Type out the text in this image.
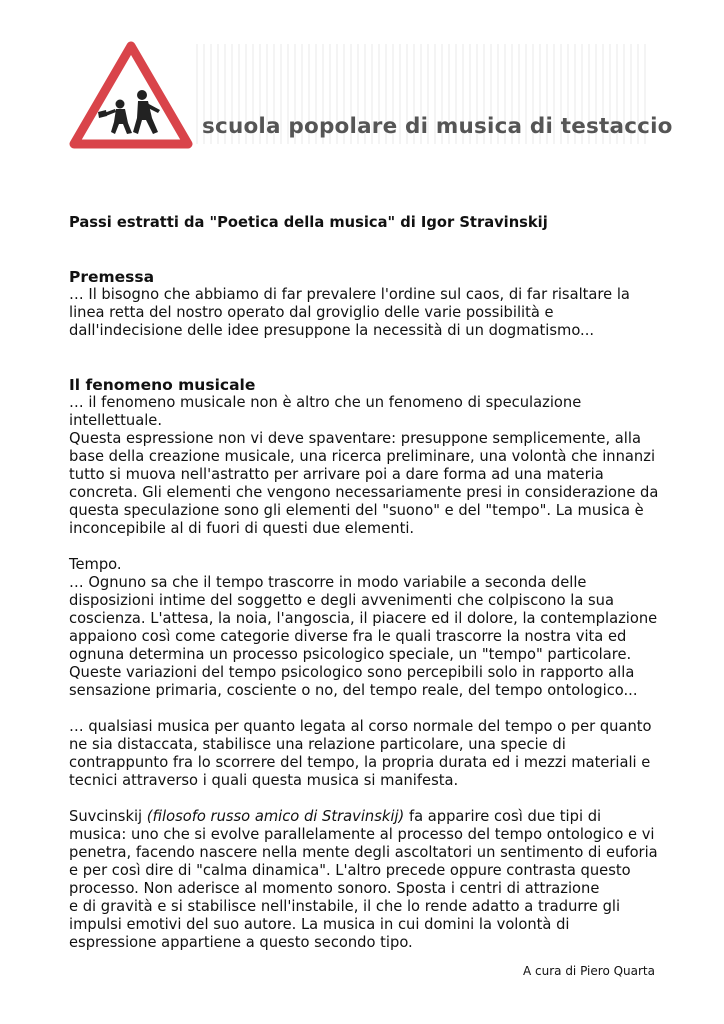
scuola popolare di musica di testaccio
Passi estratti da "Poetica della musica" di Igor Stravinskij
Premessa

… Il bisogno che abbiamo di far prevalere l'ordine sul caos, di far risaltare la linea retta del nostro operato dal groviglio delle varie possibilità e dall'indecisione delle idee presuppone la necessità di un dogmatismo...

Il fenomeno musicale

… il fenomeno musicale non è altro che un fenomeno di speculazione intellettuale.

Questa espressione non vi deve spaventare: presuppone semplicemente, alla base della creazione musicale, una ricerca preliminare, una volontà che innanzi tutto si muova nell'astratto per arrivare poi a dare forma ad una materia concreta. Gli elementi che vengono necessariamente presi in considerazione da questa speculazione sono gli elementi del "suono" e del "tempo". La musica è inconcepibile al di fuori di questi due elementi.

Tempo.

… Ognuno sa che il tempo trascorre in modo variabile a seconda delle disposizioni intime del soggetto e degli avvenimenti che colpiscono la sua coscienza. L'attesa, la noia, l'angoscia, il piacere ed il dolore, la contemplazione appaiono così come categorie diverse fra le quali trascorre la nostra vita ed ognuna determina un processo psicologico speciale, un "tempo" particolare. Queste variazioni del tempo psicologico sono percepibili solo in rapporto alla sensazione primaria, cosciente o no, del tempo reale, del tempo ontologico...

… qualsiasi musica per quanto legata al corso normale del tempo o per quanto ne sia distaccata, stabilisce una relazione particolare, una specie di contrappunto fra lo scorrere del tempo, la propria durata ed i mezzi materiali e tecnici attraverso i quali questa musica si manifesta.

Suvcinskij (filosofo russo amico di Stravinskij) fa apparire così due tipi di musica: uno che si evolve parallelamente al processo del tempo ontologico e vi penetra, facendo nascere nella mente degli ascoltatori un sentimento di euforia e per così dire di "calma dinamica". L'altro precede oppure contrasta questo processo. Non aderisce al momento sonoro. Sposta i centri di attrazione

e di gravità e si stabilisce nell'instabile, il che lo rende adatto a tradurre gli impulsi emotivi del suo autore. La musica in cui domini la volontà di espressione appartiene a questo secondo tipo.

A cura di Piero Quarta
